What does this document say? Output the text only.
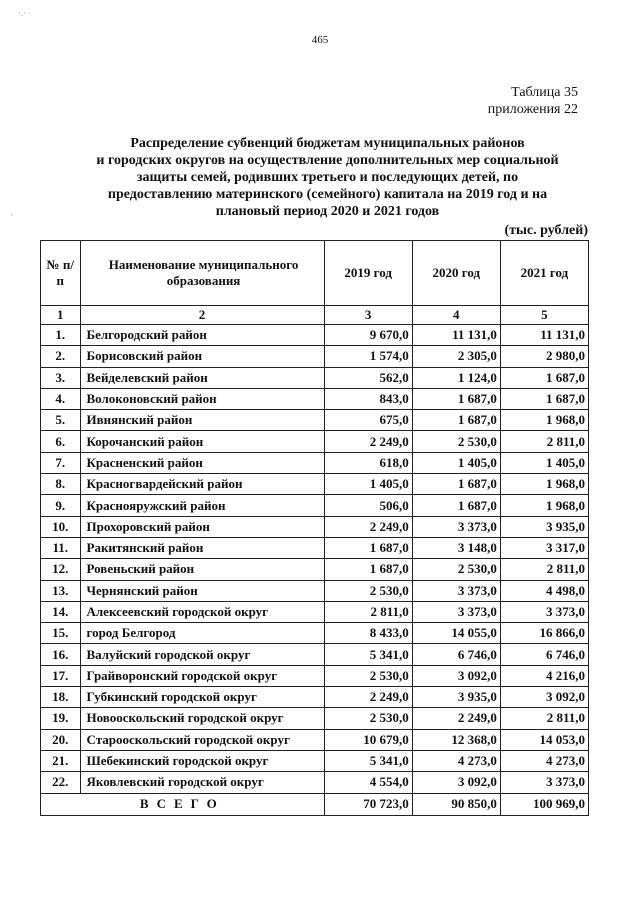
·.· ·
·
465
Таблица 35
приложения 22
Распределение субвенций бюджетам муниципальных районов
и городских округов на осуществление дополнительных мер социальной
защиты семей, родивших третьего и последующих детей, по
предоставлению материнского (семейного) капитала на 2019 год и на
плановый период 2020 и 2021 годов
(тыс. рублей)
№ п/п	Наименование муниципального образования	2019 год	2020 год	2021 год
1	2	3	4	5
1.	Белгородский район	9 670,0	11 131,0	11 131,0
2.	Борисовский район	1 574,0	2 305,0	2 980,0
3.	Вейделевский район	562,0	1 124,0	1 687,0
4.	Волоконовский район	843,0	1 687,0	1 687,0
5.	Ивнянский район	675,0	1 687,0	1 968,0
6.	Корочанский район	2 249,0	2 530,0	2 811,0
7.	Красненский район	618,0	1 405,0	1 405,0
8.	Красногвардейский район	1 405,0	1 687,0	1 968,0
9.	Краснояружский район	506,0	1 687,0	1 968,0
10.	Прохоровский район	2 249,0	3 373,0	3 935,0
11.	Ракитянский район	1 687,0	3 148,0	3 317,0
12.	Ровеньский район	1 687,0	2 530,0	2 811,0
13.	Чернянский район	2 530,0	3 373,0	4 498,0
14.	Алексеевский городской округ	2 811,0	3 373,0	3 373,0
15.	город Белгород	8 433,0	14 055,0	16 866,0
16.	Валуйский городской округ	5 341,0	6 746,0	6 746,0
17.	Грайворонский городской округ	2 530,0	3 092,0	4 216,0
18.	Губкинский городской округ	2 249,0	3 935,0	3 092,0
19.	Новооскольский городской округ	2 530,0	2 249,0	2 811,0
20.	Старооскольский городской округ	10 679,0	12 368,0	14 053,0
21.	Шебекинский городской округ	5 341,0	4 273,0	4 273,0
22.	Яковлевский городской округ	4 554,0	3 092,0	3 373,0
ВСЕГО		70 723,0	90 850,0	100 969,0
